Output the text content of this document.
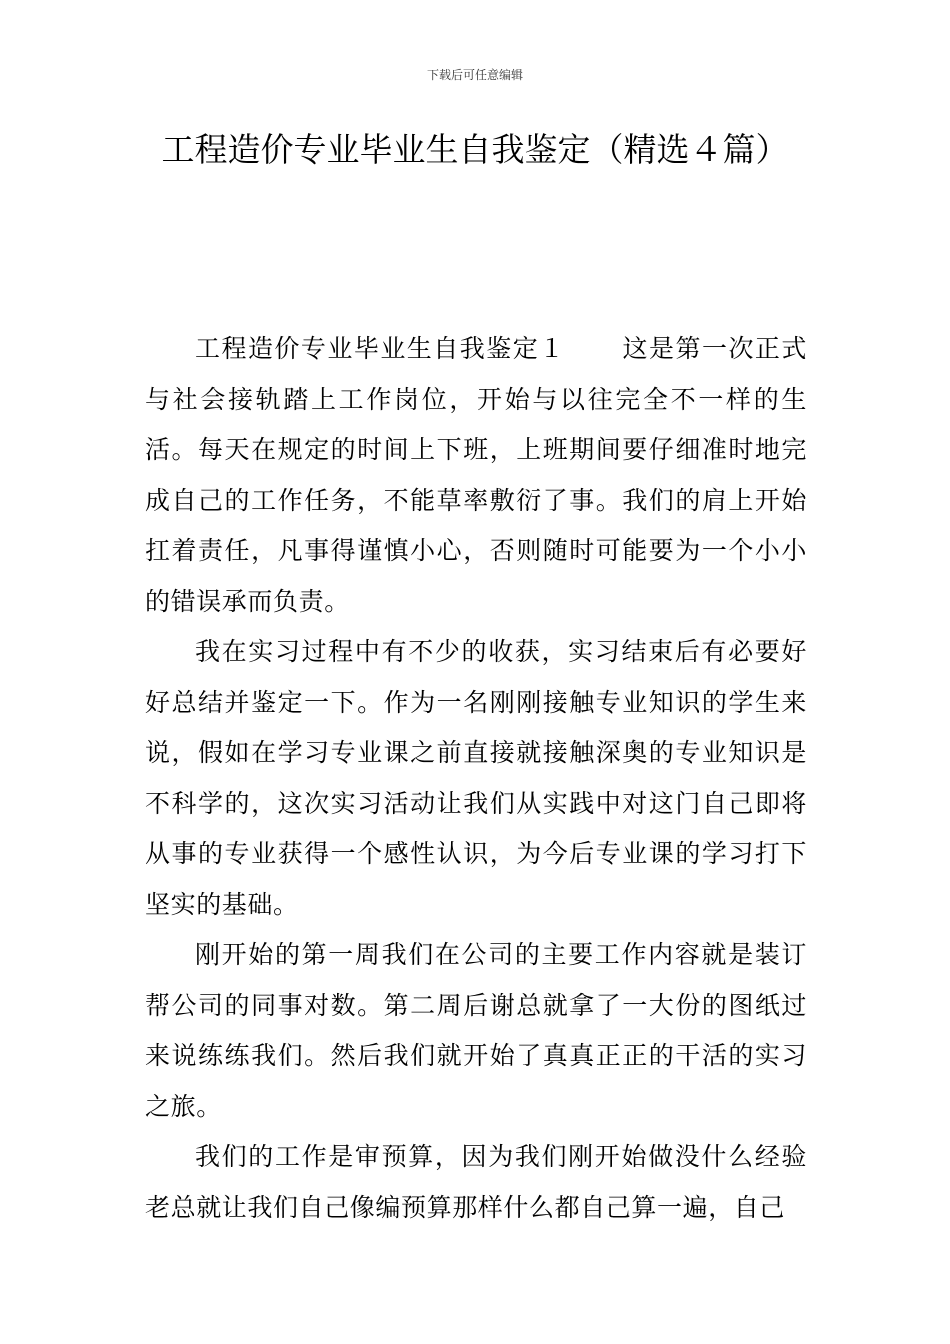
下载后可任意编辑
工程造价专业毕业生自我鉴定（精选４篇）

工程造价专业毕业生自我鉴定１ 这是第一次正式与社会接轨踏上工作岗位，开始与以往完全不一样的生活。每天在规定的时间上下班，上班期间要仔细准时地完成自己的工作任务，不能草率敷衍了事。我们的肩上开始扛着责任，凡事得谨慎小心，否则随时可能要为一个小小的错误承而负责。

我在实习过程中有不少的收获，实习结束后有必要好好总结并鉴定一下。作为一名刚刚接触专业知识的学生来说，假如在学习专业课之前直接就接触深奥的专业知识是不科学的，这次实习活动让我们从实践中对这门自己即将从事的专业获得一个感性认识，为今后专业课的学习打下坚实的基础。

刚开始的第一周我们在公司的主要工作内容就是装订帮公司的同事对数。第二周后谢总就拿了一大份的图纸过来说练练我们。然后我们就开始了真真正正的干活的实习之旅。

我们的工作是审预算，因为我们刚开始做没什么经验老总就让我们自己像编预算那样什么都自己算一遍，自己
